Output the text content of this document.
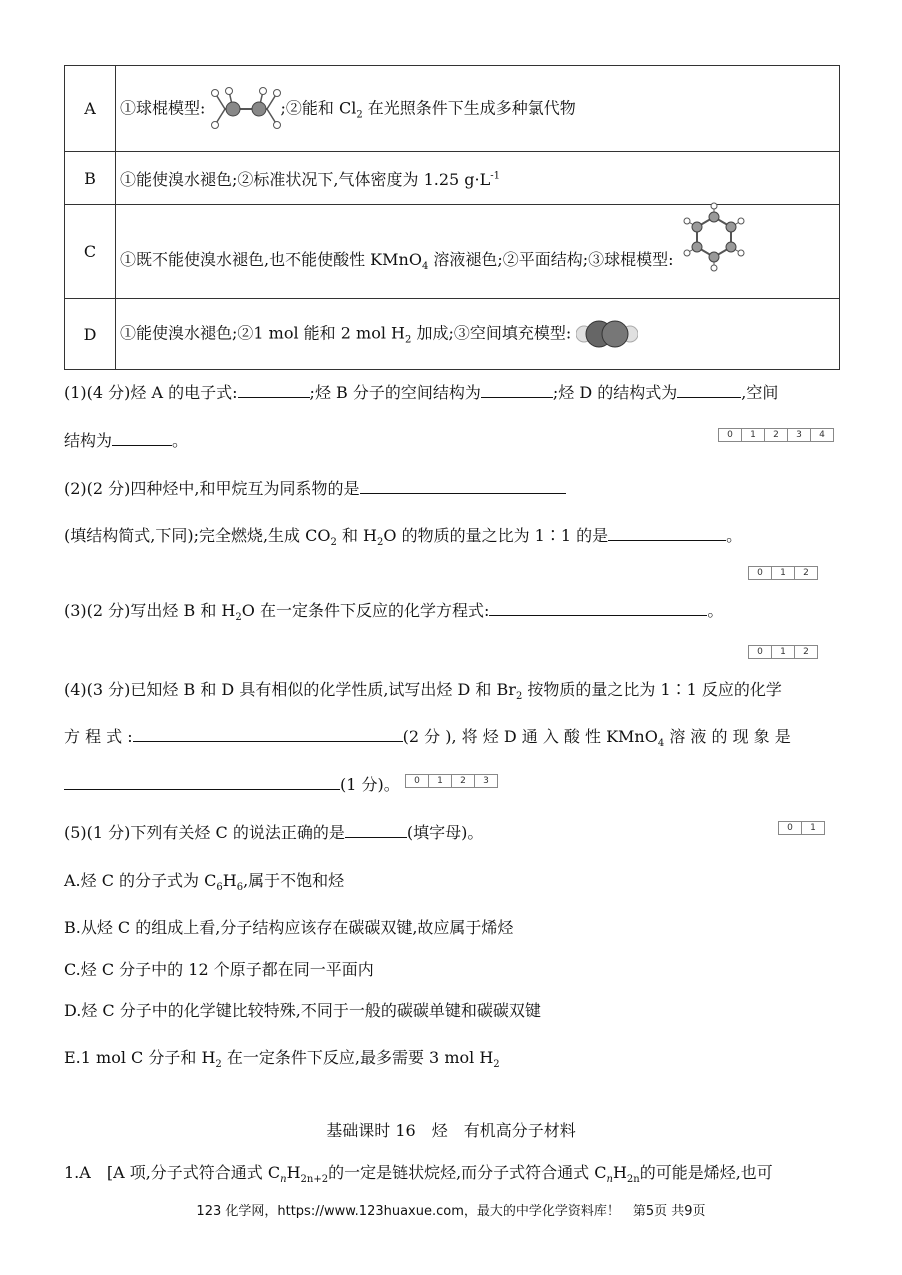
A	①球棍模型: ;②能和 $Cl_2$ 在光照条件下生成多种氯代物
B	①能使溴水褪色;②标准状况下,气体密度为 1.25 $g\cdot L^{-1}$
C	①既不能使溴水褪色,也不能使酸性 KMnO$_4$ 溶液褪色;②平面结构;③球棍模型:
D	①能使溴水褪色;②1 mol 能和 2 mol $H_2$ 加成;③空间填充模型:
(1)(4 分)烃 A 的电子式:	;烃 B 分子的空间结构为	;烃 D 的结构式为	,空间
结构为	。	0	1	2	3	4
(2)(2 分)四种烃中,和甲烷互为同系物的是
(填结构简式,下同);完全燃烧,生成 $CO_2$ 和 $H_2O$ 的物质的量之比为 1∶1 的是	。
0	1	2
(3)(2 分)写出烃 B 和 $H_2O$ 在一定条件下反应的化学方程式:	。
0	1	2
(4)(3 分)已知烃 B 和 D 具有相似的化学性质,试写出烃 D 和 $Br_2$ 按物质的量之比为 1∶1 反应的化学
方 程 式 :	(2 分 ), 将 烃 D 通 入 酸 性 KMnO$_4$ 溶 液 的 现 象 是
(1 分)。	0	1	2	3
(5)(1 分)下列有关烃 C 的说法正确的是	(填字母)。	0	1
A.烃 C 的分子式为 $C_6H_6$,属于不饱和烃
B.从烃 C 的组成上看,分子结构应该存在碳碳双键,故应属于烯烃
C.烃 C 分子中的 12 个原子都在同一平面内
D.烃 C 分子中的化学键比较特殊,不同于一般的碳碳单键和碳碳双键
E.1 mol C 分子和 $H_2$ 在一定条件下反应,最多需要 3 mol $H_2$
基础课时 16　烃　有机高分子材料
1.A　[A 项,分子式符合通式 $C_nH_{2n+2}$的一定是链状烷烃,而分子式符合通式 $C_nH_{2n}$的可能是烯烃,也可
123 化学网，https://www.123huaxue.com，最大的中学化学资料库！　第5页 共9页
